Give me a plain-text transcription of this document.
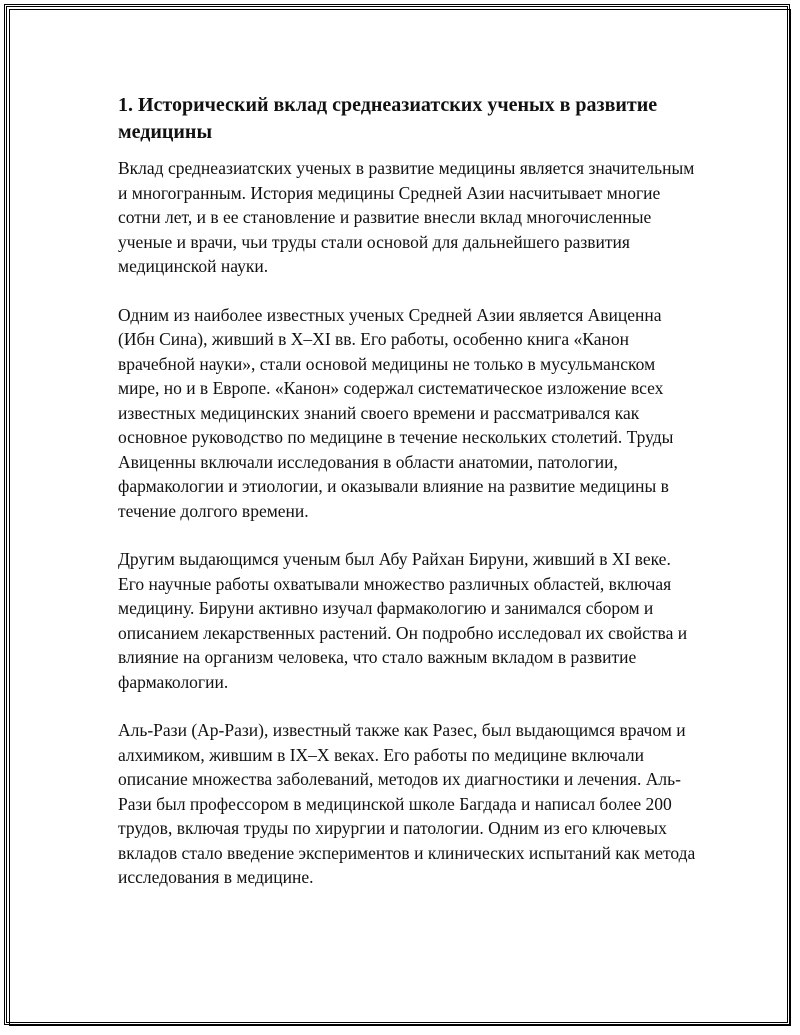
1. Исторический вклад среднеазиатских ученых в развитие медицины

Вклад среднеазиатских ученых в развитие медицины является значительным и многогранным. История медицины Средней Азии насчитывает многие сотни лет, и в ее становление и развитие внесли вклад многочисленные ученые и врачи, чьи труды стали основой для дальнейшего развития медицинской науки.

Одним из наиболее известных ученых Средней Азии является Авиценна (Ибн Сина), живший в X–XI вв. Его работы, особенно книга «Канон врачебной науки», стали основой медицины не только в мусульманском мире, но и в Европе. «Канон» содержал систематическое изложение всех известных медицинских знаний своего времени и рассматривался как основное руководство по медицине в течение нескольких столетий. Труды Авиценны включали исследования в области анатомии, патологии, фармакологии и этиологии, и оказывали влияние на развитие медицины в течение долгого времени.

Другим выдающимся ученым был Абу Райхан Бируни, живший в XI веке. Его научные работы охватывали множество различных областей, включая медицину. Бируни активно изучал фармакологию и занимался сбором и описанием лекарственных растений. Он подробно исследовал их свойства и влияние на организм человека, что стало важным вкладом в развитие фармакологии.

Аль-Рази (Ар-Рази), известный также как Разес, был выдающимся врачом и алхимиком, жившим в IX–X веках. Его работы по медицине включали описание множества заболеваний, методов их диагностики и лечения. Аль-Рази был профессором в медицинской школе Багдада и написал более 200 трудов, включая труды по хирургии и патологии. Одним из его ключевых вкладов стало введение экспериментов и клинических испытаний как метода исследования в медицине.
